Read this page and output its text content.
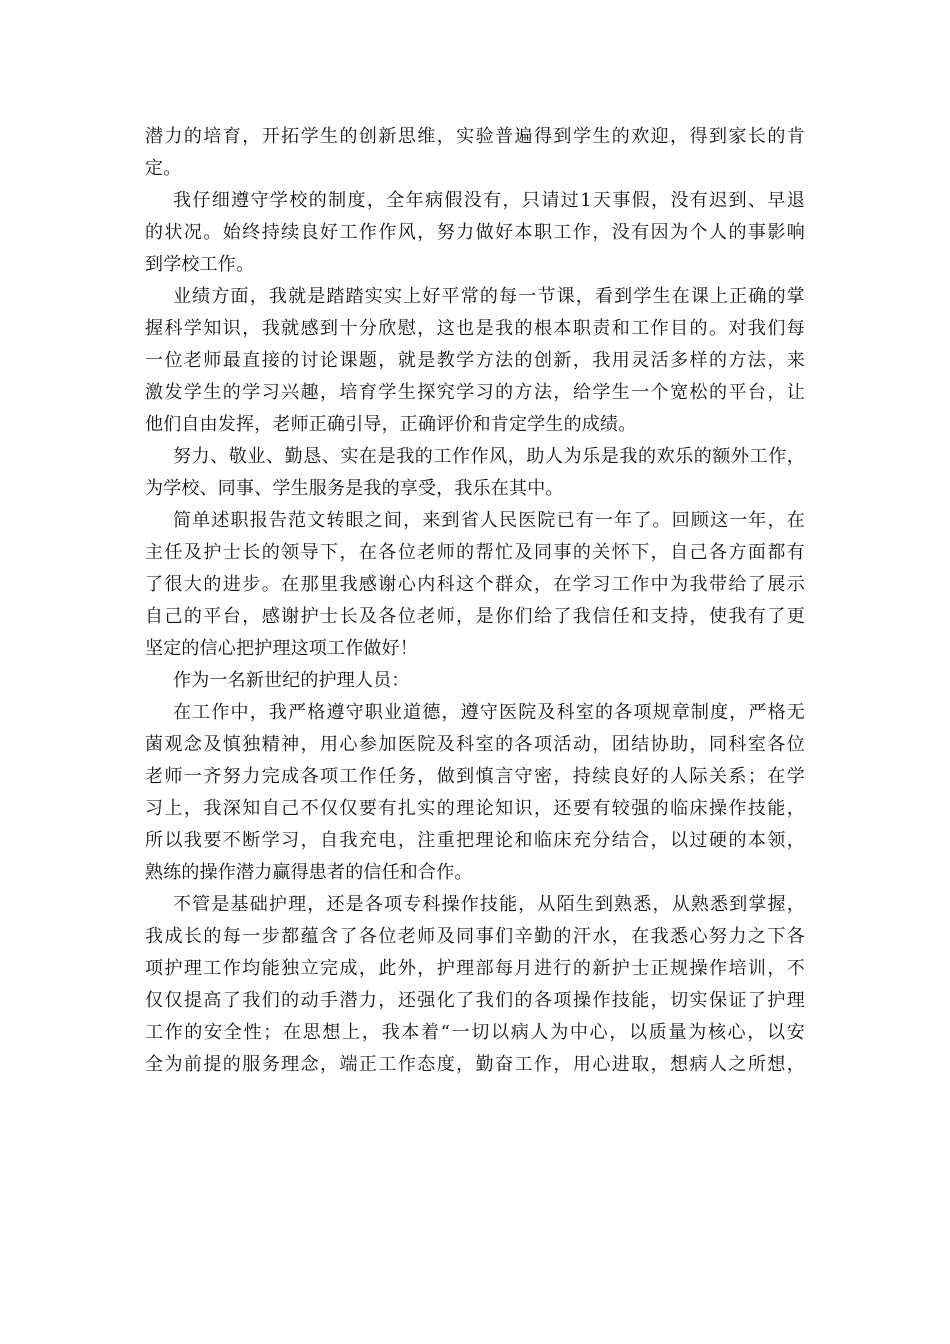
潜力的培育，开拓学生的创新思维，实验普遍得到学生的欢迎，得到家长的肯
定。
我仔细遵守学校的制度，全年病假没有，只请过1天事假，没有迟到、早退
的状况。始终持续良好工作作风，努力做好本职工作，没有因为个人的事影响
到学校工作。
业绩方面，我就是踏踏实实上好平常的每一节课，看到学生在课上正确的掌
握科学知识，我就感到十分欣慰，这也是我的根本职责和工作目的。对我们每
一位老师最直接的讨论课题，就是教学方法的创新，我用灵活多样的方法，来
激发学生的学习兴趣，培育学生探究学习的方法，给学生一个宽松的平台，让
他们自由发挥，老师正确引导，正确评价和肯定学生的成绩。
努力、敬业、勤恳、实在是我的工作作风，助人为乐是我的欢乐的额外工作，
为学校、同事、学生服务是我的享受，我乐在其中。
简单述职报告范文转眼之间，来到省人民医院已有一年了。回顾这一年，在
主任及护士长的领导下，在各位老师的帮忙及同事的关怀下，自己各方面都有
了很大的进步。在那里我感谢心内科这个群众，在学习工作中为我带给了展示
自己的平台，感谢护士长及各位老师，是你们给了我信任和支持，使我有了更
坚定的信心把护理这项工作做好！
作为一名新世纪的护理人员：
在工作中，我严格遵守职业道德，遵守医院及科室的各项规章制度，严格无
菌观念及慎独精神，用心参加医院及科室的各项活动，团结协助，同科室各位
老师一齐努力完成各项工作任务，做到慎言守密，持续良好的人际关系；在学
习上，我深知自己不仅仅要有扎实的理论知识，还要有较强的临床操作技能，
所以我要不断学习，自我充电，注重把理论和临床充分结合，以过硬的本领，
熟练的操作潜力赢得患者的信任和合作。
不管是基础护理，还是各项专科操作技能，从陌生到熟悉，从熟悉到掌握，
我成长的每一步都蕴含了各位老师及同事们辛勤的汗水，在我悉心努力之下各
项护理工作均能独立完成，此外，护理部每月进行的新护士正规操作培训，不
仅仅提高了我们的动手潜力，还强化了我们的各项操作技能，切实保证了护理
工作的安全性；在思想上，我本着“一切以病人为中心，以质量为核心，以安
全为前提的服务理念，端正工作态度，勤奋工作，用心进取，想病人之所想，
